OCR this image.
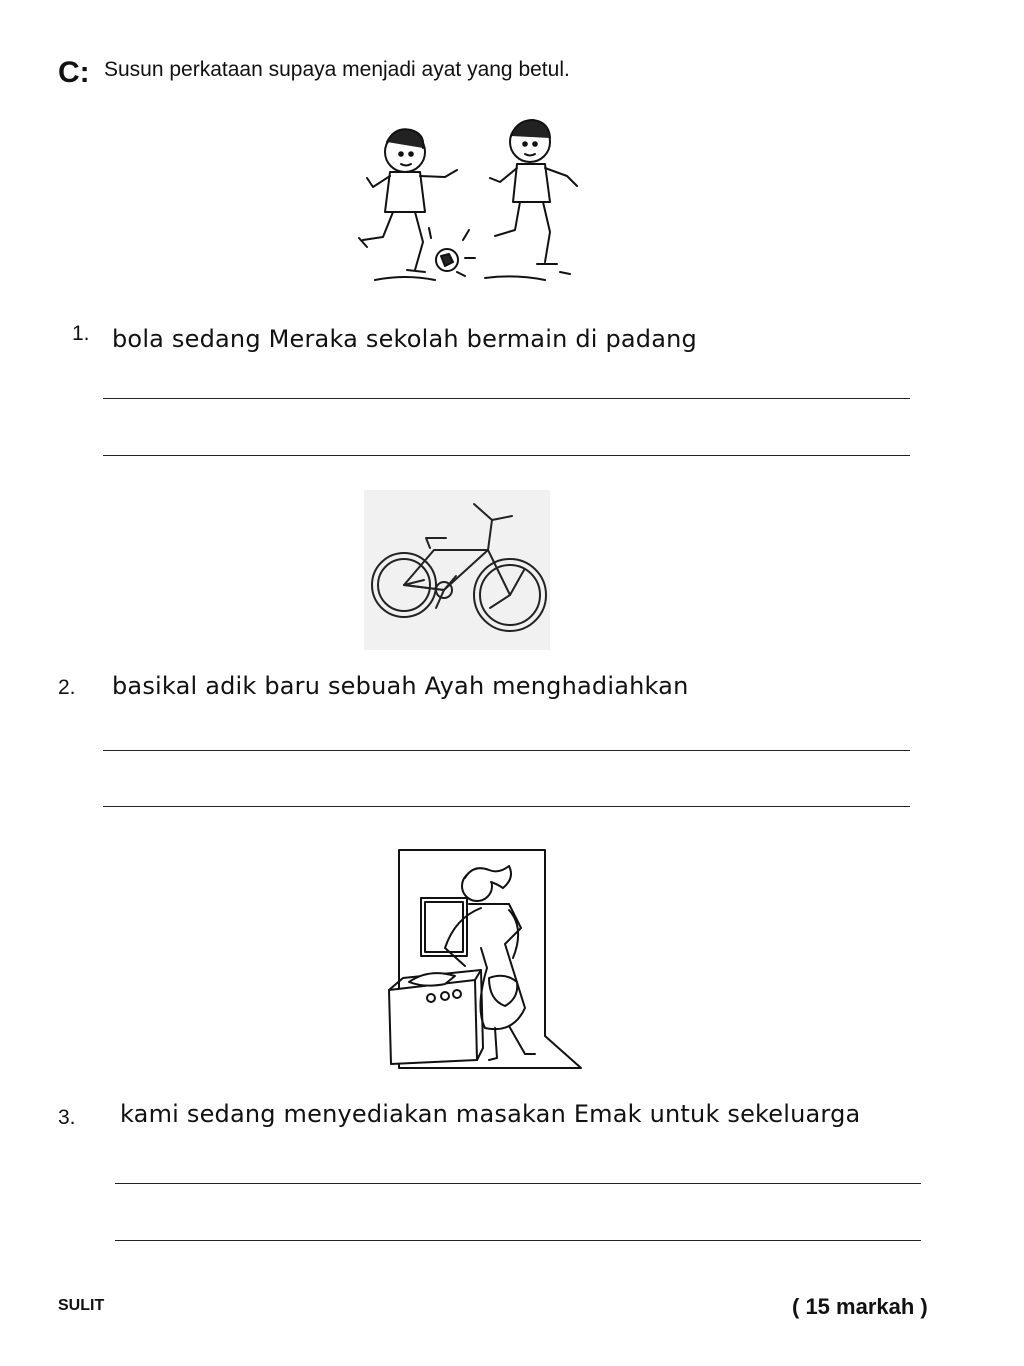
C: Susun perkataan supaya menjadi ayat yang betul.
1. bola sedang Meraka sekolah bermain di padang
2. basikal adik baru sebuah Ayah menghadiahkan
3. kami sedang menyediakan masakan Emak untuk sekeluarga
SULIT	( 15 markah )
